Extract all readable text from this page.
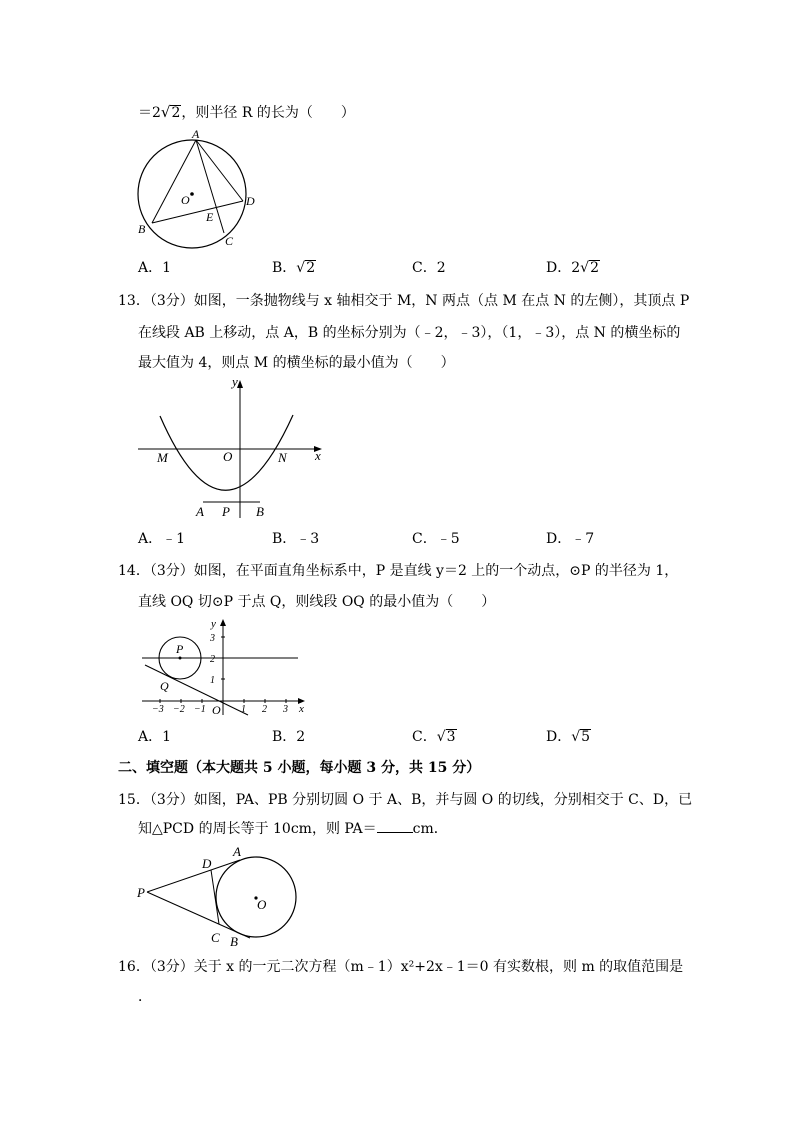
＝2√2，则半径 R 的长为（　　）
A
B
C
D
E
O
A．1	B．√2	C．2	D．2√2
13．（3分）如图，一条抛物线与 x 轴相交于 M，N 两点（点 M 在点 N 的左侧），其顶点 P
在线段 AB 上移动，点 A，B 的坐标分别为（﹣2，﹣3），（1，﹣3），点 N 的横坐标的
最大值为 4，则点 M 的横坐标的最小值为（　　）
y
x
O
M	N
A P B
A．﹣1	B．﹣3	C．﹣5	D．﹣7
14．（3分）如图，在平面直角坐标系中，P 是直线 y＝2 上的一个动点，⊙P 的半径为 1，
直线 OQ 切⊙P 于点 Q，则线段 OQ 的最小值为（　　）
y
x
P
Q
O
3
2
1
−3 −2 −1	1 2 3
A．1	B．2	C．√3	D．√5
二、填空题（本大题共 5 小题，每小题 3 分，共 15 分）
15．（3分）如图，PA、PB 分别切圆 O 于 A、B，并与圆 O 的切线，分别相交于 C、D，已
知△PCD 的周长等于 10cm，则 PA＝	cm．
P
A
D
C B
O
16．（3分）关于 x 的一元二次方程（m﹣1）x²+2x﹣1＝0 有实数根，则 m 的取值范围是
．
